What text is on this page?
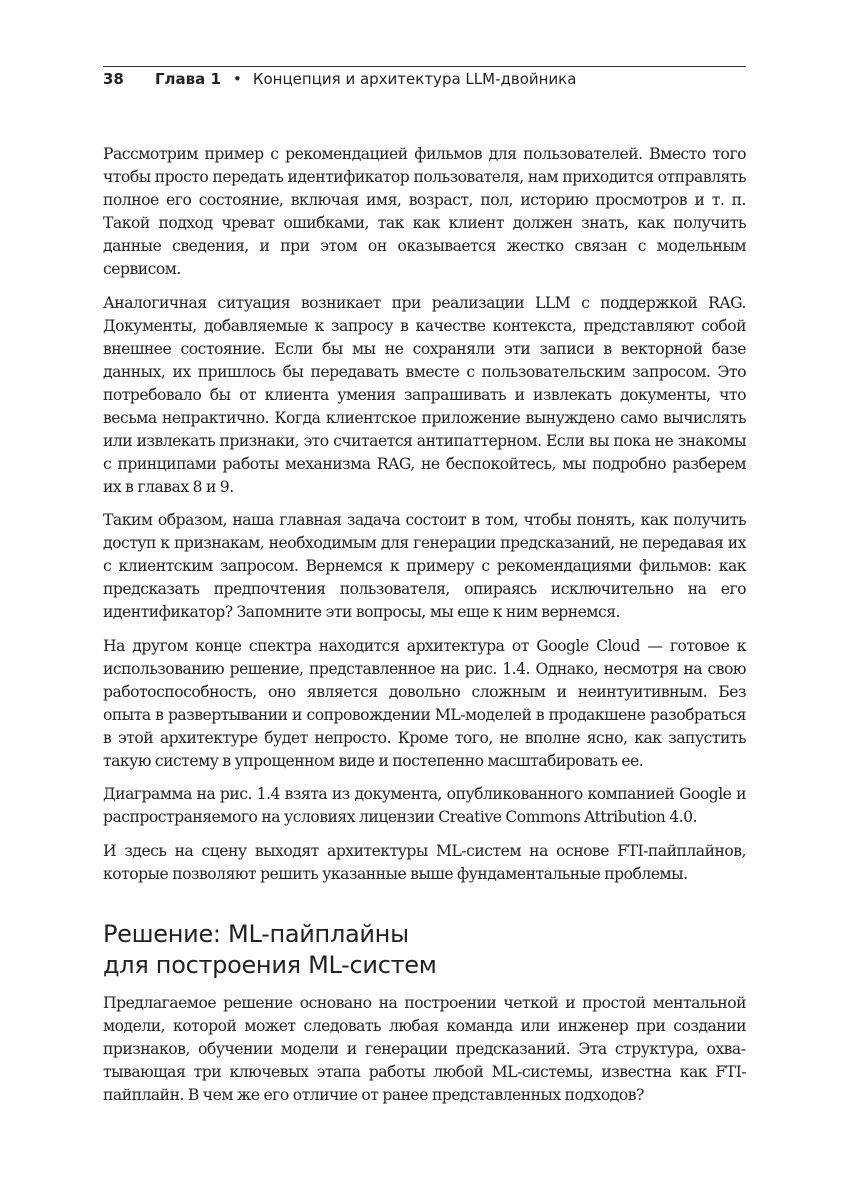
38	Глава 1 • Концепция и архитектура LLM-двойника

Рассмотрим пример с рекомендацией фильмов для пользователей. Вместо того чтобы просто передать идентификатор пользователя, нам приходится отправлять полное его состояние, включая имя, возраст, пол, историю просмотров и т. п. Такой подход чреват ошибками, так как клиент должен знать, как получить данные сведения, и при этом он оказывается жестко связан с модельным сервисом.

Аналогичная ситуация возникает при реализации LLM с поддержкой RAG. Документы, добавляемые к запросу в качестве контекста, представляют собой внешнее состояние. Если бы мы не сохраняли эти записи в векторной базе данных, их пришлось бы передавать вместе с пользовательским запросом. Это потребовало бы от клиента умения запрашивать и извлекать документы, что весьма непрактично. Когда клиентское приложение вынуждено само вычислять или извлекать признаки, это считается антипаттерном. Если вы пока не знакомы с принципами работы механизма RAG, не беспокойтесь, мы подробно разберем их в главах 8 и 9.

Таким образом, наша главная задача состоит в том, чтобы понять, как получить доступ к признакам, необходимым для генерации предсказаний, не передавая их с клиентским запросом. Вернемся к примеру с рекомендациями фильмов: как предсказать предпочтения пользователя, опираясь исключительно на его идентификатор? Запомните эти вопросы, мы еще к ним вернемся.

На другом конце спектра находится архитектура от Google Cloud — готовое к использованию решение, представленное на рис. 1.4. Однако, несмотря на свою работоспособность, оно является довольно сложным и неинтуитивным. Без опыта в развертывании и сопровождении ML-моделей в продакшене разобраться в этой архитектуре будет непросто. Кроме того, не вполне ясно, как запустить такую систему в упрощенном виде и постепенно масштабировать ее.

Диаграмма на рис. 1.4 взята из документа, опубликованного компанией Google и распространяемого на условиях лицензии Creative Commons Attribution 4.0.

И здесь на сцену выходят архитектуры ML-систем на основе FTI-пайплайнов, которые позволяют решить указанные выше фундаментальные проблемы.

Решение: ML-пайплайны
для построения ML-систем

Предлагаемое решение основано на построении четкой и простой ментальной модели, которой может следовать любая команда или инженер при создании признаков, обучении модели и генерации предсказаний. Эта структура, охватывающая три ключевых этапа работы любой ML-системы, известна как FTI-пайплайн. В чем же его отличие от ранее представленных подходов?
